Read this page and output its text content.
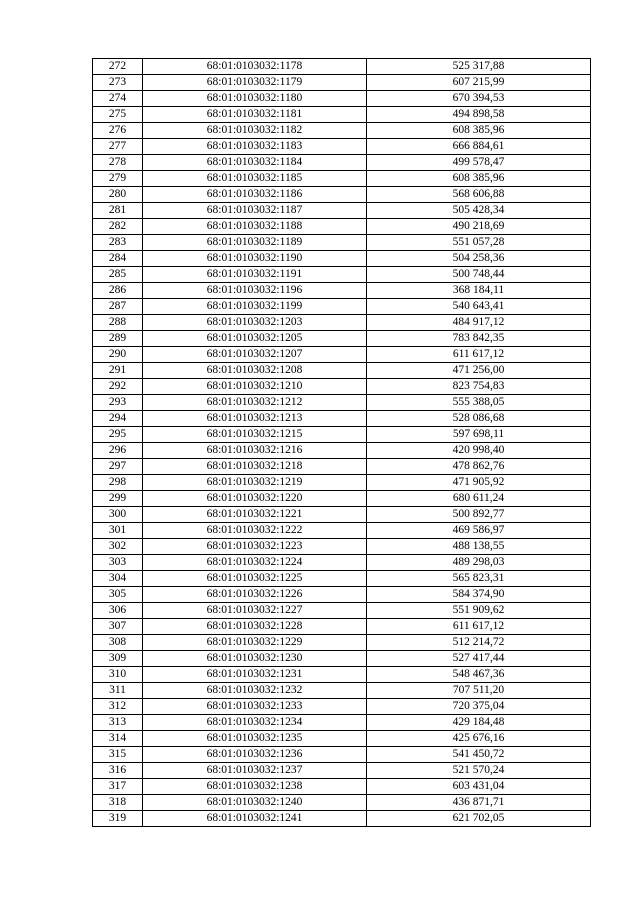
272	68:01:0103032:1178	525 317,88
273	68:01:0103032:1179	607 215,99
274	68:01:0103032:1180	670 394,53
275	68:01:0103032:1181	494 898,58
276	68:01:0103032:1182	608 385,96
277	68:01:0103032:1183	666 884,61
278	68:01:0103032:1184	499 578,47
279	68:01:0103032:1185	608 385,96
280	68:01:0103032:1186	568 606,88
281	68:01:0103032:1187	505 428,34
282	68:01:0103032:1188	490 218,69
283	68:01:0103032:1189	551 057,28
284	68:01:0103032:1190	504 258,36
285	68:01:0103032:1191	500 748,44
286	68:01:0103032:1196	368 184,11
287	68:01:0103032:1199	540 643,41
288	68:01:0103032:1203	484 917,12
289	68:01:0103032:1205	783 842,35
290	68:01:0103032:1207	611 617,12
291	68:01:0103032:1208	471 256,00
292	68:01:0103032:1210	823 754,83
293	68:01:0103032:1212	555 388,05
294	68:01:0103032:1213	528 086,68
295	68:01:0103032:1215	597 698,11
296	68:01:0103032:1216	420 998,40
297	68:01:0103032:1218	478 862,76
298	68:01:0103032:1219	471 905,92
299	68:01:0103032:1220	680 611,24
300	68:01:0103032:1221	500 892,77
301	68:01:0103032:1222	469 586,97
302	68:01:0103032:1223	488 138,55
303	68:01:0103032:1224	489 298,03
304	68:01:0103032:1225	565 823,31
305	68:01:0103032:1226	584 374,90
306	68:01:0103032:1227	551 909,62
307	68:01:0103032:1228	611 617,12
308	68:01:0103032:1229	512 214,72
309	68:01:0103032:1230	527 417,44
310	68:01:0103032:1231	548 467,36
311	68:01:0103032:1232	707 511,20
312	68:01:0103032:1233	720 375,04
313	68:01:0103032:1234	429 184,48
314	68:01:0103032:1235	425 676,16
315	68:01:0103032:1236	541 450,72
316	68:01:0103032:1237	521 570,24
317	68:01:0103032:1238	603 431,04
318	68:01:0103032:1240	436 871,71
319	68:01:0103032:1241	621 702,05
